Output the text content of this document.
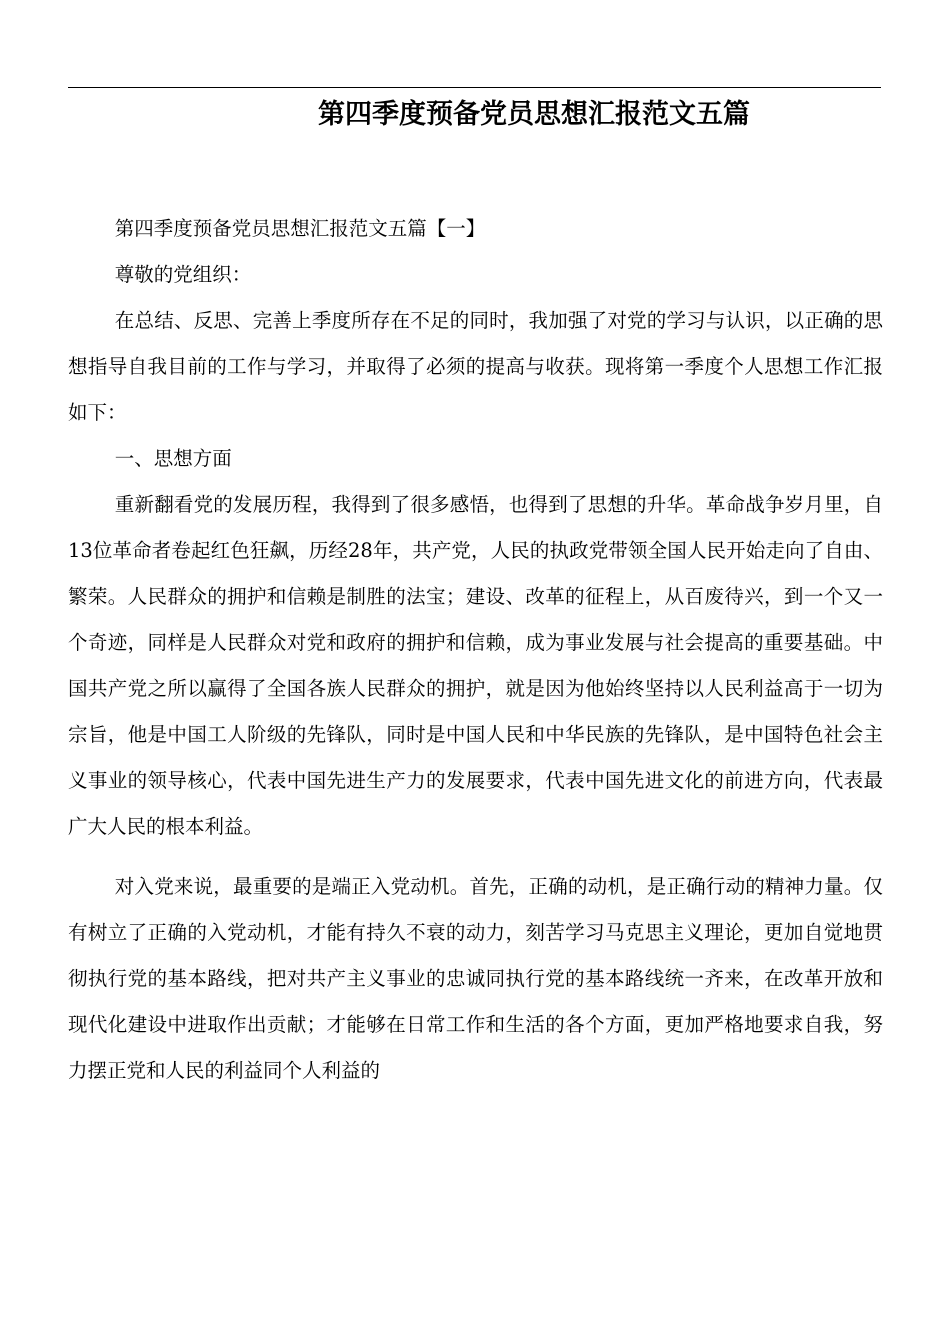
第四季度预备党员思想汇报范文五篇

第四季度预备党员思想汇报范文五篇【一】

尊敬的党组织：

在总结、反思、完善上季度所存在不足的同时，我加强了对党的学习与认识，以正确的思想指导自我目前的工作与学习，并取得了必须的提高与收获。现将第一季度个人思想工作汇报如下：

一、思想方面

重新翻看党的发展历程，我得到了很多感悟，也得到了思想的升华。革命战争岁月里，自13位革命者卷起红色狂飙，历经28年，共产党，人民的执政党带领全国人民开始走向了自由、繁荣。人民群众的拥护和信赖是制胜的法宝；建设、改革的征程上，从百废待兴，到一个又一个奇迹，同样是人民群众对党和政府的拥护和信赖，成为事业发展与社会提高的重要基础。中国共产党之所以赢得了全国各族人民群众的拥护，就是因为他始终坚持以人民利益高于一切为宗旨，他是中国工人阶级的先锋队，同时是中国人民和中华民族的先锋队，是中国特色社会主义事业的领导核心，代表中国先进生产力的发展要求，代表中国先进文化的前进方向，代表最广大人民的根本利益。

对入党来说，最重要的是端正入党动机。首先，正确的动机，是正确行动的精神力量。仅有树立了正确的入党动机，才能有持久不衰的动力，刻苦学习马克思主义理论，更加自觉地贯彻执行党的基本路线，把对共产主义事业的忠诚同执行党的基本路线统一齐来，在改革开放和现代化建设中进取作出贡献；才能够在日常工作和生活的各个方面，更加严格地要求自我，努力摆正党和人民的利益同个人利益的
